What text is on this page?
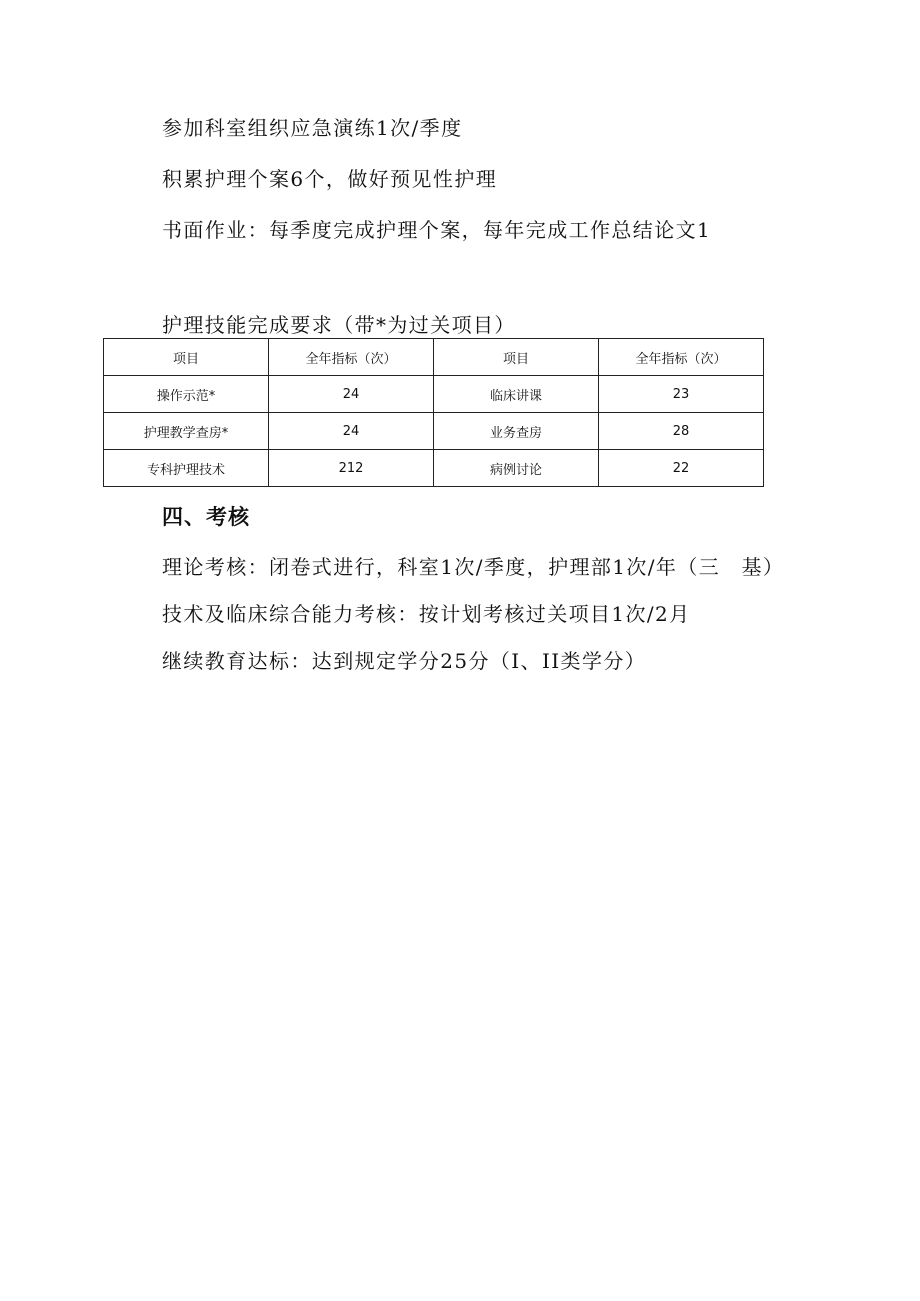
参加科室组织应急演练1次/季度
积累护理个案6个，做好预见性护理
书面作业：每季度完成护理个案，每年完成工作总结论文1
护理技能完成要求（带*为过关项目）
项目	全年指标（次）	项目	全年指标（次）
操作示范*	24	临床讲课	23
护理教学查房*	24	业务查房	28
专科护理技术	212	病例讨论	22
四、考核
理论考核：闭卷式进行，科室1次/季度，护理部1次/年（三　基）
技术及临床综合能力考核：按计划考核过关项目1次/2月
继续教育达标：达到规定学分25分（I、II类学分）
